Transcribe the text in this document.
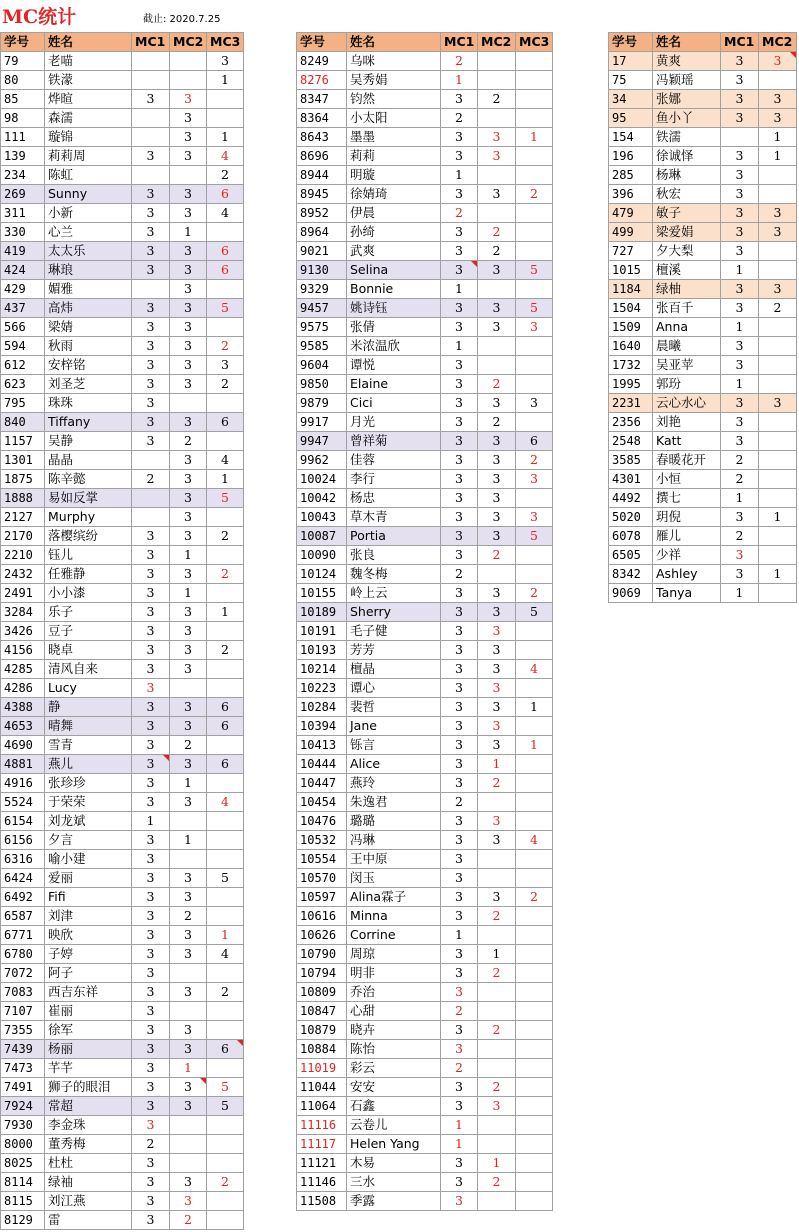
MC统计	截止: 2020.7.25
学号	姓名	MC1	MC2	MC3
79	老喵			3
80	铁濛			1
85	烨暄	3	3	
98	森濡		3	
111	璇锦		3	1
139	莉莉周	3	3	4
234	陈虹			2
269	Sunny	3	3	6
311	小新	3	3	4
330	心兰	3	1	
419	太太乐	3	3	6
424	琳琅	3	3	6
429	媚雅		3	
437	高炜	3	3	5
566	梁婧	3	3	
594	秋雨	3	3	2
612	安梓铭	3	3	3
623	刘圣芝	3	3	2
795	珠珠	3		
840	Tiffany	3	3	6
1157	吴静	3	2	
1301	晶晶		3	4
1875	陈辛懿	2	3	1
1888	易如反掌		3	5
2127	Murphy		3	
2170	落樱缤纷	3	3	2
2210	钰儿	3	1	
2432	任雅静	3	3	2
2491	小小漆	3	1	
3284	乐子	3	3	1
3426	豆子	3	3	
4156	晓卓	3	3	2
4285	清风自来	3	3	
4286	Lucy	3		
4388	静	3	3	6
4653	晴舞	3	3	6
4690	雪青	3	2	
4881	燕儿	3	3	6
4916	张珍珍	3	1	
5524	于荣荣	3	3	4
6154	刘龙斌	1		
6156	夕言	3	1	
6316	喻小建	3		
6424	爱丽	3	3	5
6492	Fifi	3	3	
6587	刘津	3	2	
6771	映欣	3	3	1
6780	子婷	3	3	4
7072	阿子	3		
7083	西吉东祥	3	3	2
7107	崔丽	3		
7355	徐军	3	3	
7439	杨丽	3	3	6
7473	芊芊	3	1	
7491	狮子的眼泪	3	3	5
7924	常超	3	3	5
7930	李金珠	3		
8000	董秀梅	2		
8025	杜杜	3		
8114	绿袖	3	3	2
8115	刘江燕	3	3	
8129	雷	3	2	
学号	姓名	MC1	MC2	MC3
8249	乌咪	2		
8276	吴秀娟	1		
8347	钧然	3	2	
8364	小太阳	2		
8643	墨墨	3	3	1
8696	莉莉	3	3	
8944	明璇	1		
8945	徐婧琦	3	3	2
8952	伊晨	2		
8964	孙绮	3	2	
9021	武爽	3	2	
9130	Selina	3	3	5
9329	Bonnie	1		
9457	姚诗钰	3	3	5
9575	张倩	3	3	3
9585	米浓温欣	1		
9604	谭悦	3		
9850	Elaine	3	2	
9879	Cici	3	3	3
9917	月光	3	2	
9947	曾祥菊	3	3	6
9962	佳蓉	3	3	2
10024	李行	3	3	3
10042	杨忠	3	3	
10043	草木青	3	3	3
10087	Portia	3	3	5
10090	张良	3	2	
10124	魏冬梅	2		
10155	岭上云	3	3	2
10189	Sherry	3	3	5
10191	毛子健	3	3	
10193	芳芳	3	3	
10214	檀晶	3	3	4
10223	谭心	3	3	
10284	裴哲	3	3	1
10394	Jane	3	3	
10413	铄言	3	3	1
10444	Alice	3	1	
10447	燕玲	3	2	
10454	朱逸君	2		
10476	璐璐	3	3	
10532	冯琳	3	3	4
10554	王中原	3		
10570	闵玉	3		
10597	Alina霖子	3	3	2
10616	Minna	3	2	
10626	Corrine	1		
10790	周琼	3	1	
10794	明非	3	2	
10809	乔治	3		
10847	心甜	2		
10879	晓卉	3	2	
10884	陈怡	3		
11019	彩云	2		
11044	安安	3	2	
11064	石鑫	3	3	
11116	云卷儿	1		
11117	Helen Yang	1		
11121	木易	3	1	
11146	三水	3	2	
11508	季露	3		
学号	姓名	MC1	MC2
17	黄爽	3	3
75	冯颖瑶	3	
34	张娜	3	3
95	鱼小丫	3	3
154	铁濡		1
196	徐诚怿	3	1
285	杨琳	3	
396	秋宏	3	
479	敏子	3	3
499	梁爱娟	3	3
727	夕大梨	3	
1015	檀溪	1	
1184	绿柚	3	3
1504	张百千	3	2
1509	Anna	1	
1640	晨曦	3	
1732	吴亚苹	3	
1995	郭玢	1	
2231	云心水心	3	3
2356	刘艳	3	
2548	Katt	3	
3585	春暖花开	2	
4301	小恒	2	
4492	撰七	1	
5020	玥倪	3	1
6078	雁儿	2	
6505	少祥	3	
8342	Ashley	3	1
9069	Tanya	1	
